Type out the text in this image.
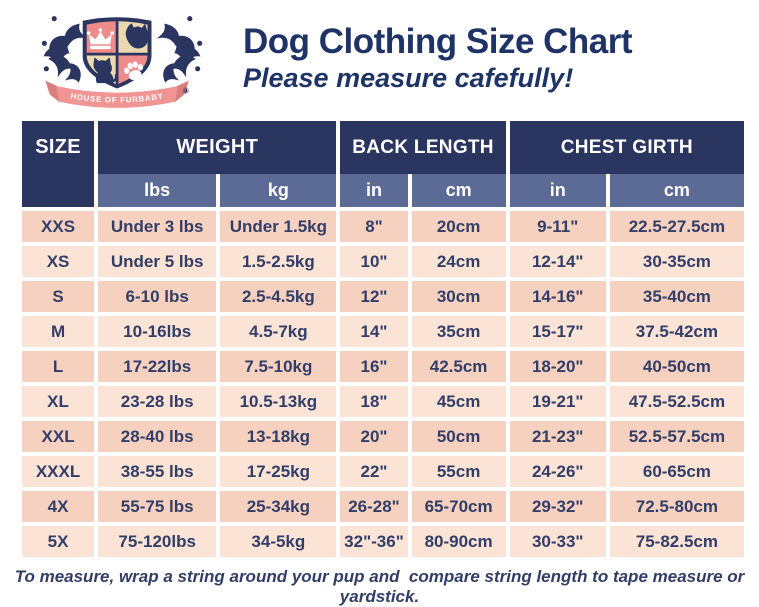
HOUSE OF FURBABY
©
Dog Clothing Size Chart
Please measure cafefully!
SIZE	WEIGHT	BACK LENGTH	CHEST GIRTH
lbs	kg	in	cm	in	cm
XXS	Under 3 lbs	Under 1.5kg	8"	20cm	9-11"	22.5-27.5cm
XS	Under 5 lbs	1.5-2.5kg	10"	24cm	12-14"	30-35cm
S	6-10 lbs	2.5-4.5kg	12"	30cm	14-16"	35-40cm
M	10-16lbs	4.5-7kg	14"	35cm	15-17"	37.5-42cm
L	17-22lbs	7.5-10kg	16"	42.5cm	18-20"	40-50cm
XL	23-28 lbs	10.5-13kg	18"	45cm	19-21"	47.5-52.5cm
XXL	28-40 lbs	13-18kg	20"	50cm	21-23"	52.5-57.5cm
XXXL	38-55 lbs	17-25kg	22"	55cm	24-26"	60-65cm
4X	55-75 lbs	25-34kg	26-28"	65-70cm	29-32"	72.5-80cm
5X	75-120lbs	34-5kg	32"-36"	80-90cm	30-33"	75-82.5cm

To measure, wrap a string around your pup and  compare string length to tape measure or yardstick.
